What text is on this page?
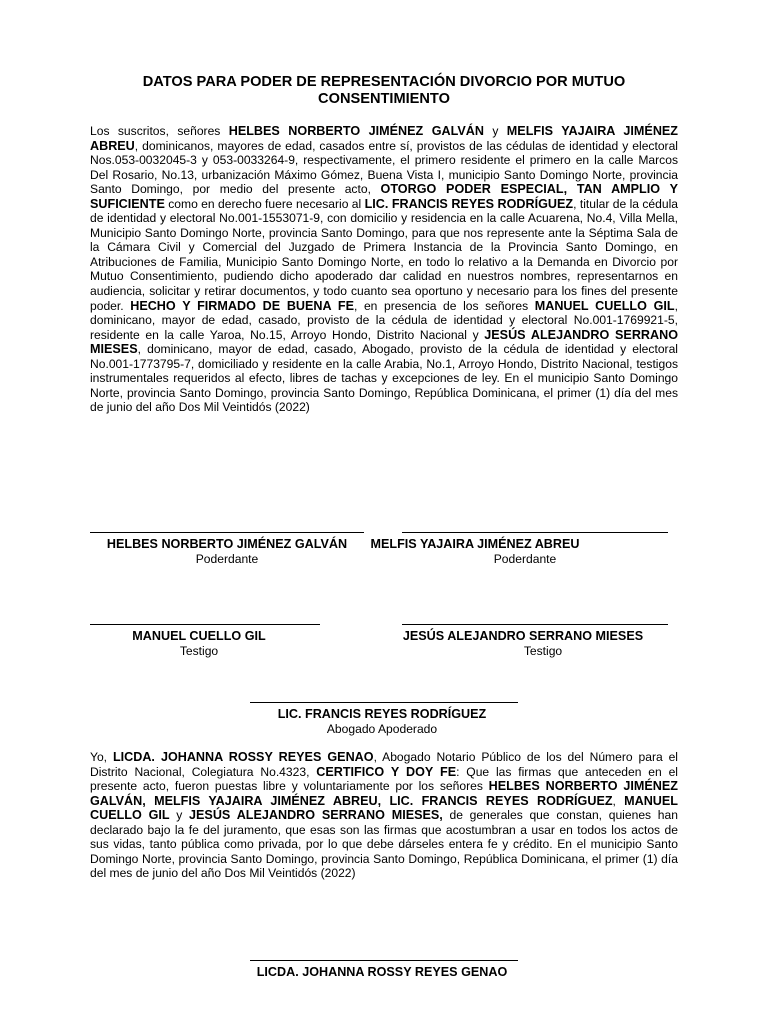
DATOS PARA PODER DE REPRESENTACIÓN DIVORCIO POR MUTUO
CONSENTIMIENTO

Los suscritos, señores HELBES NORBERTO JIMÉNEZ GALVÁN y MELFIS YAJAIRA JIMÉNEZ ABREU, dominicanos, mayores de edad, casados entre sí, provistos de las cédulas de identidad y electoral Nos.053-0032045-3 y 053-0033264-9, respectivamente, el primero residente el primero en la calle Marcos Del Rosario, No.13, urbanización Máximo Gómez, Buena Vista I, municipio Santo Domingo Norte, provincia Santo Domingo, por medio del presente acto, OTORGO PODER ESPECIAL, TAN AMPLIO Y SUFICIENTE como en derecho fuere necesario al LIC. FRANCIS REYES RODRÍGUEZ, titular de la cédula de identidad y electoral No.001-1553071-9, con domicilio y residencia en la calle Acuarena, No.4, Villa Mella, Municipio Santo Domingo Norte, provincia Santo Domingo, para que nos represente ante la Séptima Sala de la Cámara Civil y Comercial del Juzgado de Primera Instancia de la Provincia Santo Domingo, en Atribuciones de Familia, Municipio Santo Domingo Norte, en todo lo relativo a la Demanda en Divorcio por Mutuo Consentimiento, pudiendo dicho apoderado dar calidad en nuestros nombres, representarnos en audiencia, solicitar y retirar documentos, y todo cuanto sea oportuno y necesario para los fines del presente poder. HECHO Y FIRMADO DE BUENA FE, en presencia de los señores MANUEL CUELLO GIL, dominicano, mayor de edad, casado, provisto de la cédula de identidad y electoral No.001-1769921-5, residente en la calle Yaroa, No.15, Arroyo Hondo, Distrito Nacional y JESÚS ALEJANDRO SERRANO MIESES, dominicano, mayor de edad, casado, Abogado, provisto de la cédula de identidad y electoral No.001-1773795-7, domiciliado y residente en la calle Arabia, No.1, Arroyo Hondo, Distrito Nacional, testigos instrumentales requeridos al efecto, libres de tachas y excepciones de ley. En el municipio Santo Domingo Norte, provincia Santo Domingo, provincia Santo Domingo, República Dominicana, el primer (1) día del mes de junio del año Dos Mil Veintidós (2022)

HELBES NORBERTO JIMÉNEZ GALVÁN
Poderdante
MELFIS YAJAIRA JIMÉNEZ ABREU
Poderdante
MANUEL CUELLO GIL
Testigo
JESÚS ALEJANDRO SERRANO MIESES
Testigo
LIC. FRANCIS REYES RODRÍGUEZ
Abogado Apoderado

Yo, LICDA. JOHANNA ROSSY REYES GENAO, Abogado Notario Público de los del Número para el Distrito Nacional, Colegiatura No.4323, CERTIFICO Y DOY FE: Que las firmas que anteceden en el presente acto, fueron puestas libre y voluntariamente por los señores HELBES NORBERTO JIMÉNEZ GALVÁN, MELFIS YAJAIRA JIMÉNEZ ABREU, LIC. FRANCIS REYES RODRÍGUEZ, MANUEL CUELLO GIL y JESÚS ALEJANDRO SERRANO MIESES, de generales que constan, quienes han declarado bajo la fe del juramento, que esas son las firmas que acostumbran a usar en todos los actos de sus vidas, tanto pública como privada, por lo que debe dárseles entera fe y crédito. En el municipio Santo Domingo Norte, provincia Santo Domingo, provincia Santo Domingo, República Dominicana, el primer (1) día del mes de junio del año Dos Mil Veintidós (2022)

LICDA. JOHANNA ROSSY REYES GENAO
